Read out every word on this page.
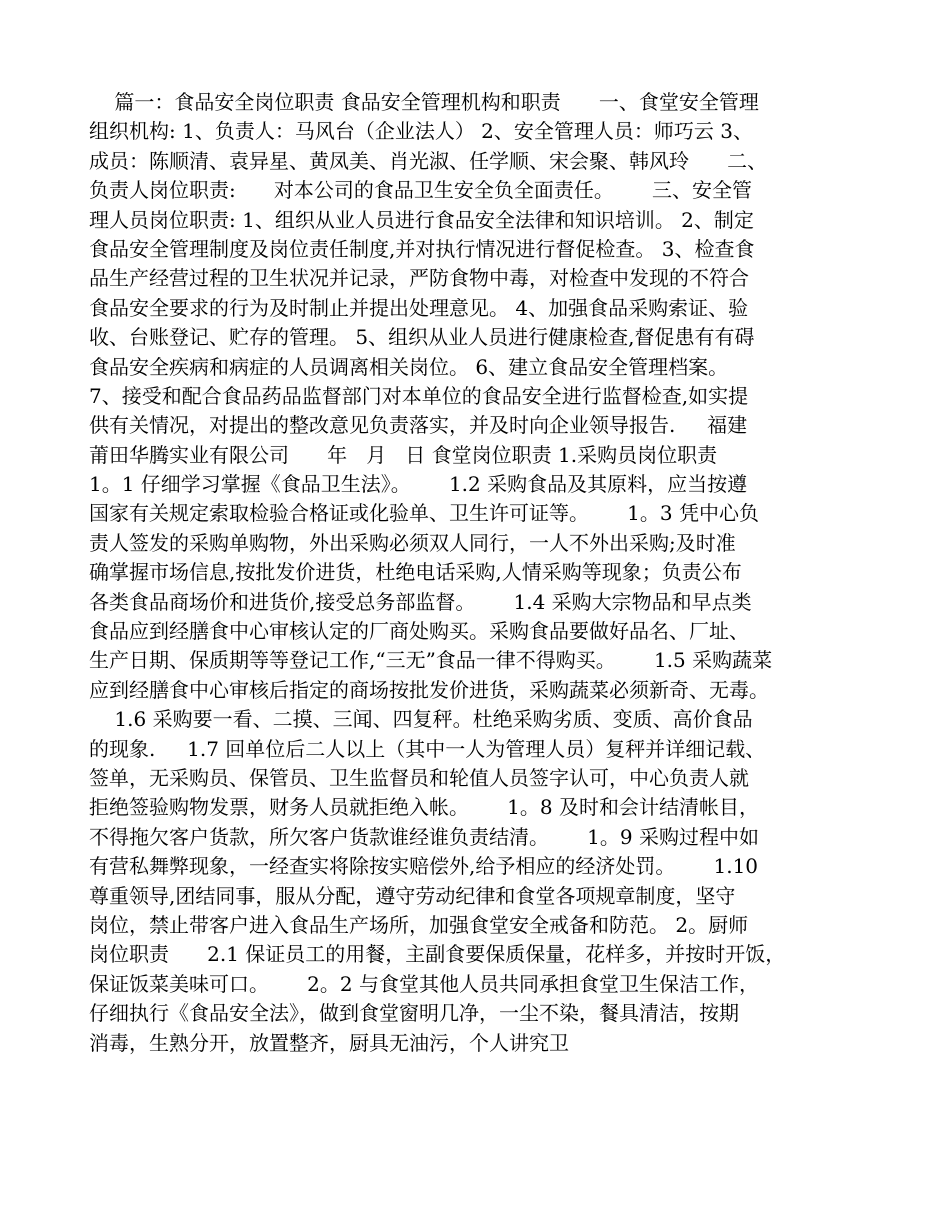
篇一：食品安全岗位职责 食品安全管理机构和职责      一、食堂安全管理
组织机构: 1、负责人：马风台（企业法人） 2、安全管理人员：师巧云 3、
成员：陈顺清、袁异星、黄凤美、肖光淑、任学顺、宋会聚、韩风玲      二、
负责人岗位职责:      对本公司的食品卫生安全负全面责任。      三、安全管
理人员岗位职责: 1、组织从业人员进行食品安全法律和知识培训。 2、制定
食品安全管理制度及岗位责任制度,并对执行情况进行督促检查。 3、检查食
品生产经营过程的卫生状况并记录，严防食物中毒，对检查中发现的不符合
食品安全要求的行为及时制止并提出处理意见。 4、加强食品采购索证、验
收、台账登记、贮存的管理。 5、组织从业人员进行健康检查,督促患有有碍
食品安全疾病和病症的人员调离相关岗位。 6、建立食品安全管理档案。
7、接受和配合食品药品监督部门对本单位的食品安全进行监督检查,如实提
供有关情况，对提出的整改意见负责落实，并及时向企业领导报告.     福建
莆田华腾实业有限公司      年   月   日 食堂岗位职责 1.采购员岗位职责
1。1 仔细学习掌握《食品卫生法》。      1.2 采购食品及其原料，应当按遵
国家有关规定索取检验合格证或化验单、卫生许可证等。      1。3 凭中心负
责人签发的采购单购物，外出采购必须双人同行，一人不外出采购;及时准
确掌握市场信息,按批发价进货，杜绝电话采购,人情采购等现象；负责公布
各类食品商场价和进货价,接受总务部监督。      1.4 采购大宗物品和早点类
食品应到经膳食中心审核认定的厂商处购买。采购食品要做好品名、厂址、
生产日期、保质期等等登记工作,“三无”食品一律不得购买。      1.5 采购蔬菜
应到经膳食中心审核后指定的商场按批发价进货，采购蔬菜必须新奇、无毒。
1.6 采购要一看、二摸、三闻、四复秤。杜绝采购劣质、变质、高价食品
的现象.     1.7 回单位后二人以上（其中一人为管理人员）复秤并详细记载、
签单，无采购员、保管员、卫生监督员和轮值人员签字认可，中心负责人就
拒绝签验购物发票，财务人员就拒绝入帐。      1。8 及时和会计结清帐目，
不得拖欠客户货款，所欠客户货款谁经谁负责结清。      1。9 采购过程中如
有营私舞弊现象，一经查实将除按实赔偿外,给予相应的经济处罚。      1.10
尊重领导,团结同事，服从分配，遵守劳动纪律和食堂各项规章制度，坚守
岗位，禁止带客户进入食品生产场所，加强食堂安全戒备和防范。 2。厨师
岗位职责      2.1 保证员工的用餐，主副食要保质保量，花样多，并按时开饭，
保证饭菜美味可口。      2。2 与食堂其他人员共同承担食堂卫生保洁工作，
仔细执行《食品安全法》，做到食堂窗明几净，一尘不染，餐具清洁，按期
消毒，生熟分开，放置整齐，厨具无油污，个人讲究卫
